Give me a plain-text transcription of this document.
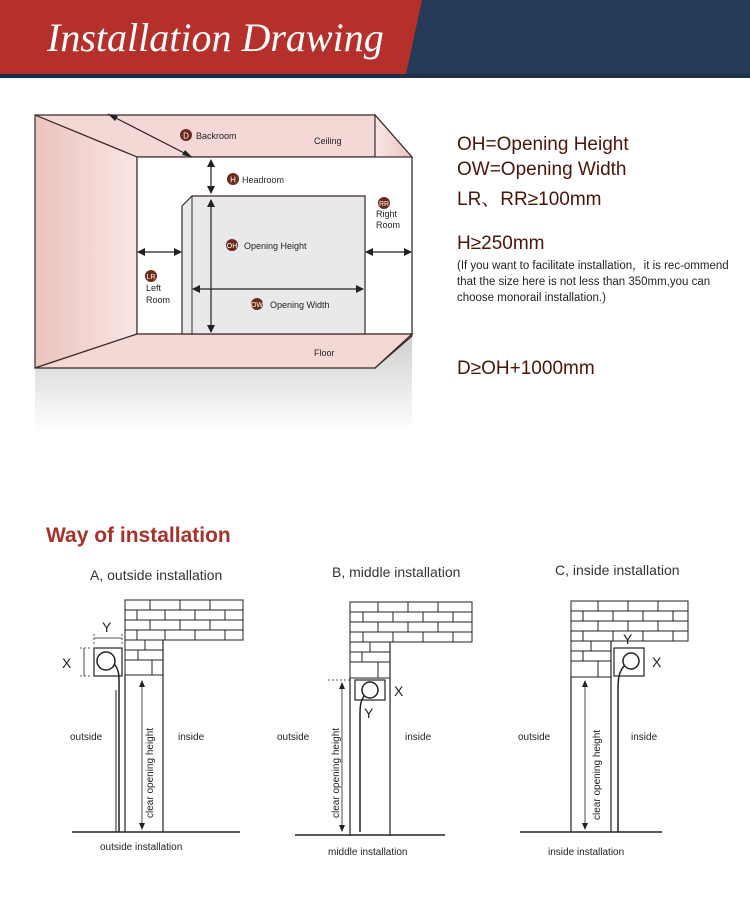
Installation Drawing
D Backroom	Ceiling
H Headroom
RR
Right
Room
OH Opening Height
LR
Left
Room
OW Opening Width
Floor
OH=Opening Height
OW=Opening Width
LR、RR≥100mm
H≥250mm
(If you want to facilitate installation，it is rec-ommend that the size here is not less than 350mm,you can choose monorail installation.)
D≥OH+1000mm
Way of installation
A, outside installation
Y
X
clear opening height
outside	inside
outside installation
B, middle installation
X
Y
clear opening height
outside	inside
middle installation
C, inside installation
Y
X
clear opening height
outside	inside
inside installation
